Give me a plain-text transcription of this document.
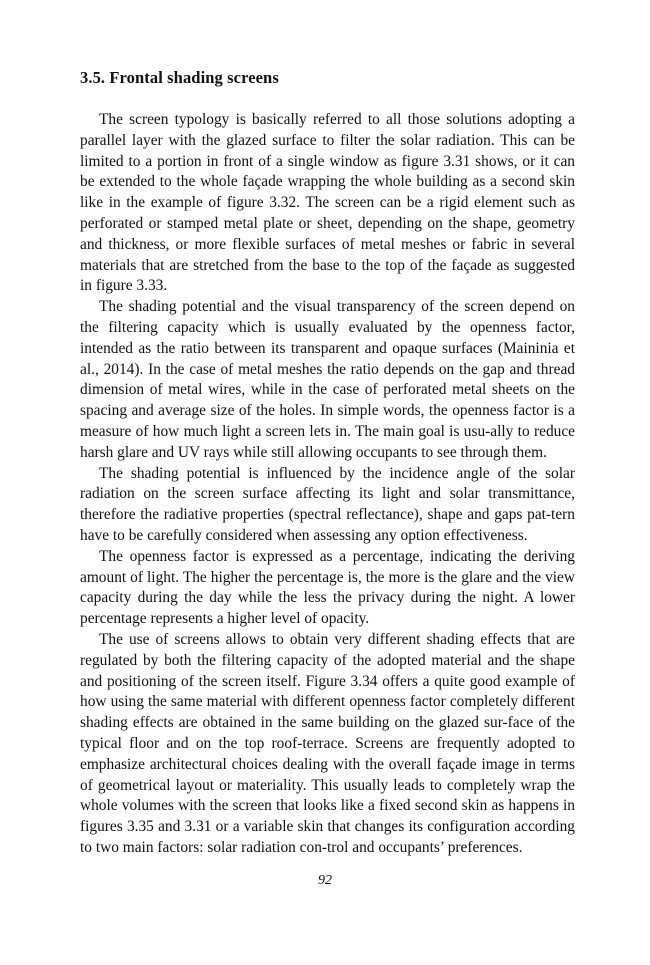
3.5. Frontal shading screens

The screen typology is basically referred to all those solutions adopting a parallel layer with the glazed surface to filter the solar radiation. This can be limited to a portion in front of a single window as figure 3.31 shows, or it can be extended to the whole façade wrapping the whole building as a second skin like in the example of figure 3.32. The screen can be a rigid element such as perforated or stamped metal plate or sheet, depending on the shape, geometry and thickness, or more flexible surfaces of metal meshes or fabric in several materials that are stretched from the base to the top of the façade as suggested in figure 3.33.

The shading potential and the visual transparency of the screen depend on the filtering capacity which is usually evaluated by the openness factor, intended as the ratio between its transparent and opaque surfaces (Maininia et al., 2014). In the case of metal meshes the ratio depends on the gap and thread dimension of metal wires, while in the case of perforated metal sheets on the spacing and average size of the holes. In simple words, the openness factor is a measure of how much light a screen lets in. The main goal is usu-ally to reduce harsh glare and UV rays while still allowing occupants to see through them.

The shading potential is influenced by the incidence angle of the solar radiation on the screen surface affecting its light and solar transmittance, therefore the radiative properties (spectral reflectance), shape and gaps pat-tern have to be carefully considered when assessing any option effectiveness.

The openness factor is expressed as a percentage, indicating the deriving amount of light. The higher the percentage is, the more is the glare and the view capacity during the day while the less the privacy during the night. A lower percentage represents a higher level of opacity.

The use of screens allows to obtain very different shading effects that are regulated by both the filtering capacity of the adopted material and the shape and positioning of the screen itself. Figure 3.34 offers a quite good example of how using the same material with different openness factor completely different shading effects are obtained in the same building on the glazed sur-face of the typical floor and on the top roof-terrace. Screens are frequently adopted to emphasize architectural choices dealing with the overall façade image in terms of geometrical layout or materiality. This usually leads to completely wrap the whole volumes with the screen that looks like a fixed second skin as happens in figures 3.35 and 3.31 or a variable skin that changes its configuration according to two main factors: solar radiation con-trol and occupants’ preferences.

92
